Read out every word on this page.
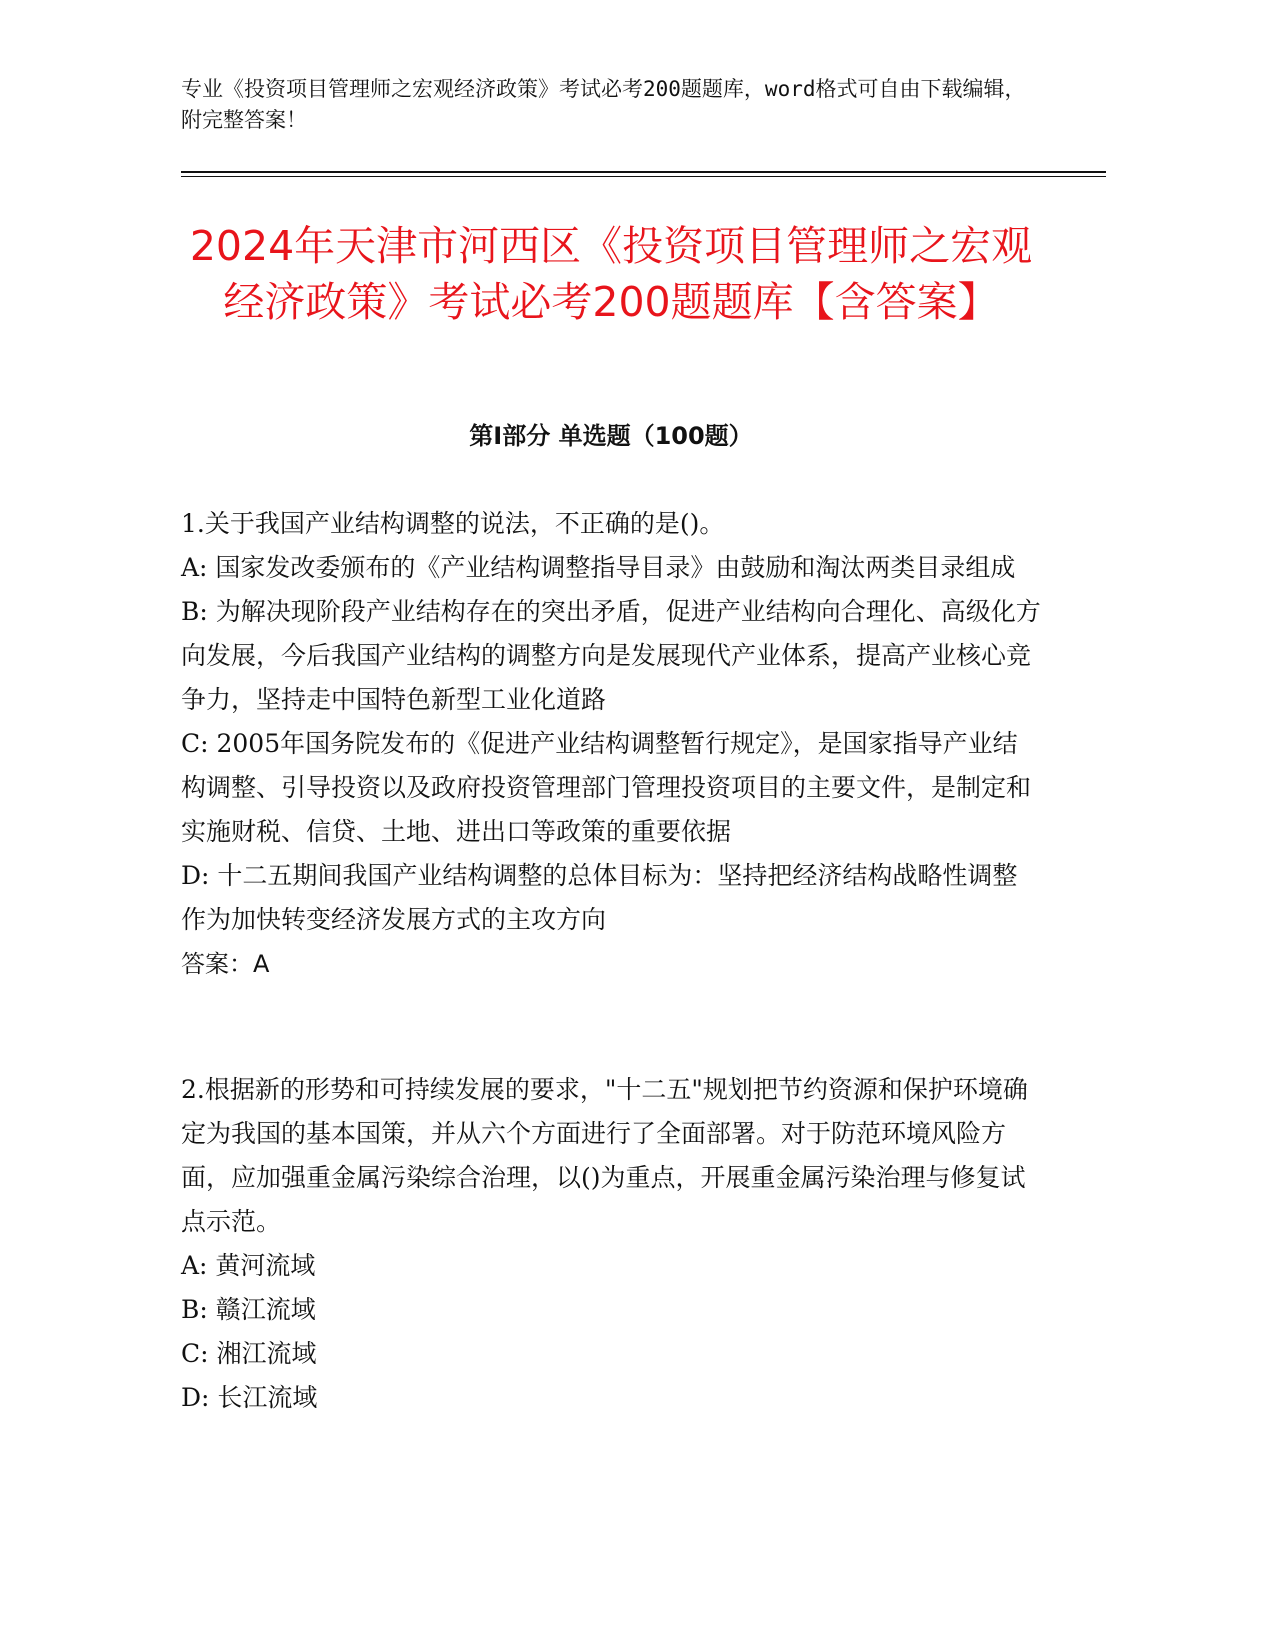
专业《投资项目管理师之宏观经济政策》考试必考200题题库，word格式可自由下载编辑，附完整答案！
2024年天津市河西区《投资项目管理师之宏观经济政策》考试必考200题题库【含答案】
第Ⅰ部分 单选题（100题）

1.关于我国产业结构调整的说法，不正确的是()。

A: 国家发改委颁布的《产业结构调整指导目录》由鼓励和淘汰两类目录组成

B: 为解决现阶段产业结构存在的突出矛盾，促进产业结构向合理化、高级化方向发展，今后我国产业结构的调整方向是发展现代产业体系，提高产业核心竞争力，坚持走中国特色新型工业化道路

C: 2005年国务院发布的《促进产业结构调整暂行规定》，是国家指导产业结构调整、引导投资以及政府投资管理部门管理投资项目的主要文件，是制定和实施财税、信贷、土地、进出口等政策的重要依据

D: 十二五期间我国产业结构调整的总体目标为：坚持把经济结构战略性调整作为加快转变经济发展方式的主攻方向

答案：A

2.根据新的形势和可持续发展的要求，"十二五"规划把节约资源和保护环境确定为我国的基本国策，并从六个方面进行了全面部署。对于防范环境风险方面，应加强重金属污染综合治理，以()为重点，开展重金属污染治理与修复试点示范。

A: 黄河流域

B: 赣江流域

C: 湘江流域

D: 长江流域
